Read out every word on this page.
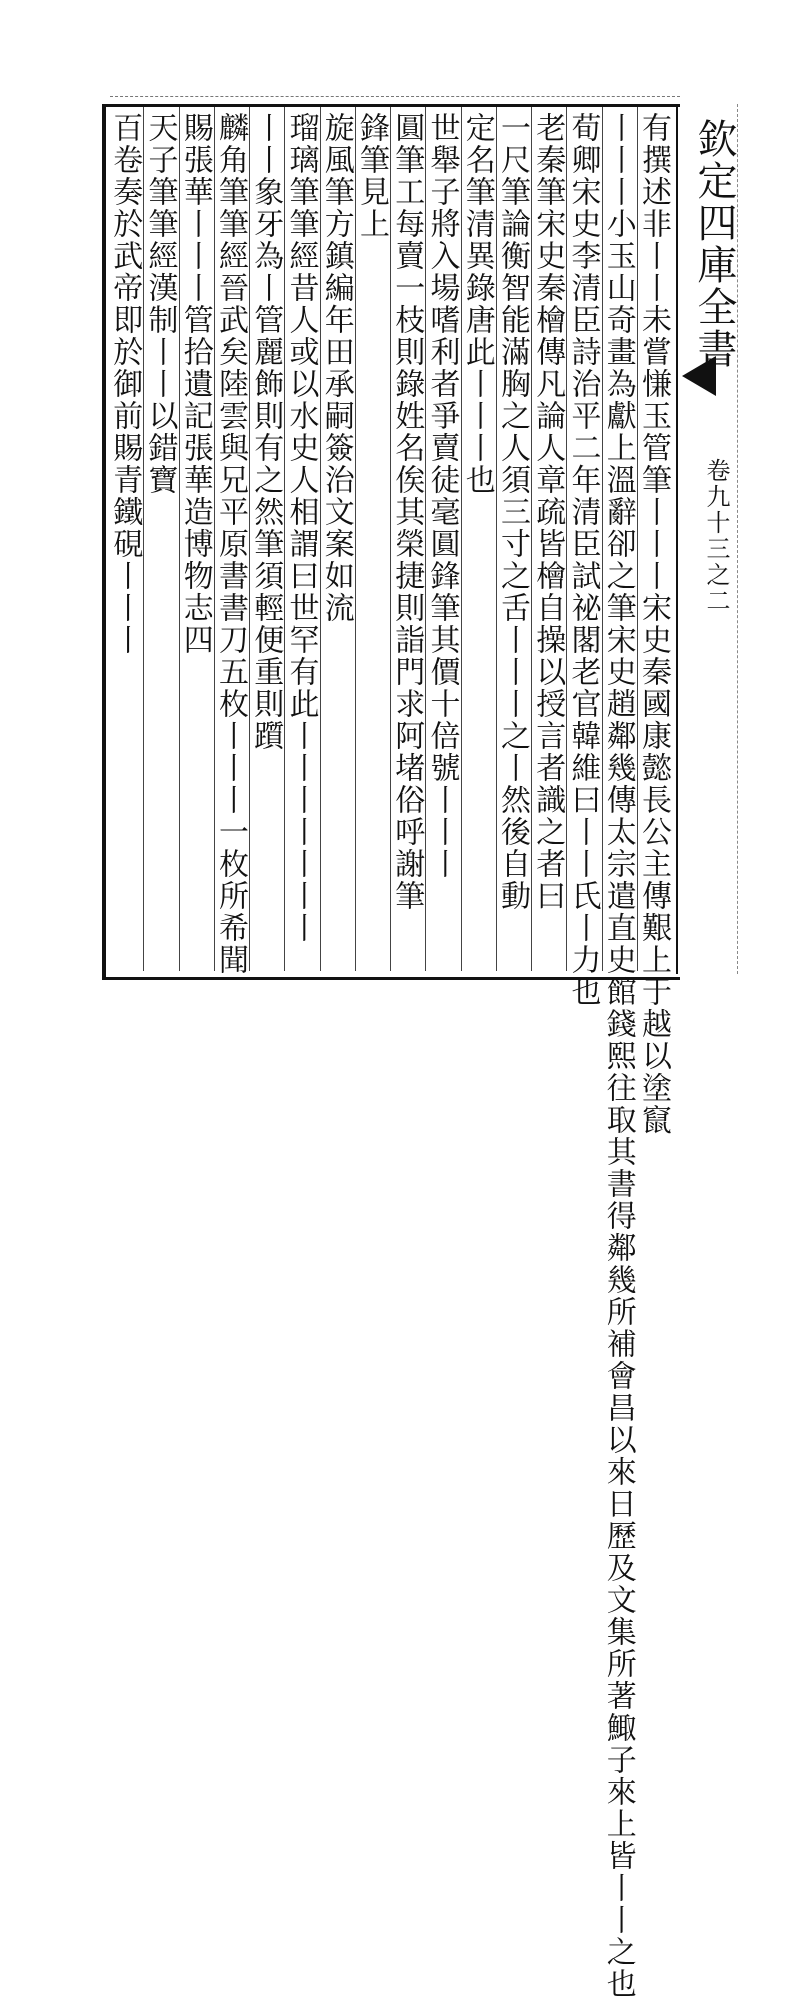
欽定四庫全書
卷九十三之二
有撰述非丨丨未嘗慊玉管筆丨丨丨宋史秦國康懿長公主傳艱上于越以塗竄
丨丨丨小玉山奇畫為獻上溫辭卻之筆宋史趙鄰幾傳太宗遣直史館錢熙往取其書得鄰幾所補會昌以來日歷及文集所著鯫子來上皆丨丨之也
荀卿宋史李清臣詩治平二年清臣試祕閣老官韓維曰丨丨氏丨力也
老秦筆宋史秦檜傳凡論人章疏皆檜自操以授言者識之者曰
一尺筆論衡智能滿胸之人須三寸之舌丨丨丨之丨然後自動
定名筆清異錄唐此丨丨丨也
世舉子將入場嗜利者爭賣徒毫圓鋒筆其價十倍號丨丨丨
圓筆工每賣一枝則錄姓名俟其榮捷則詣門求阿堵俗呼謝筆
鋒筆見上
旋風筆方鎮編年田承嗣簽治文案如流
瑠璃筆筆經昔人或以水史人相謂曰世罕有此丨丨丨丨丨丨丨
丨丨象牙為丨管麗飾則有之然筆須輕便重則躓
麟角筆筆經晉武矣陸雲與兄平原書書刀五枚丨丨丨一枚所希聞
賜張華丨丨丨管拾遺記張華造博物志四
天子筆筆經漢制丨丨以錯寶
百卷奏於武帝即於御前賜青鐵硯丨丨丨
